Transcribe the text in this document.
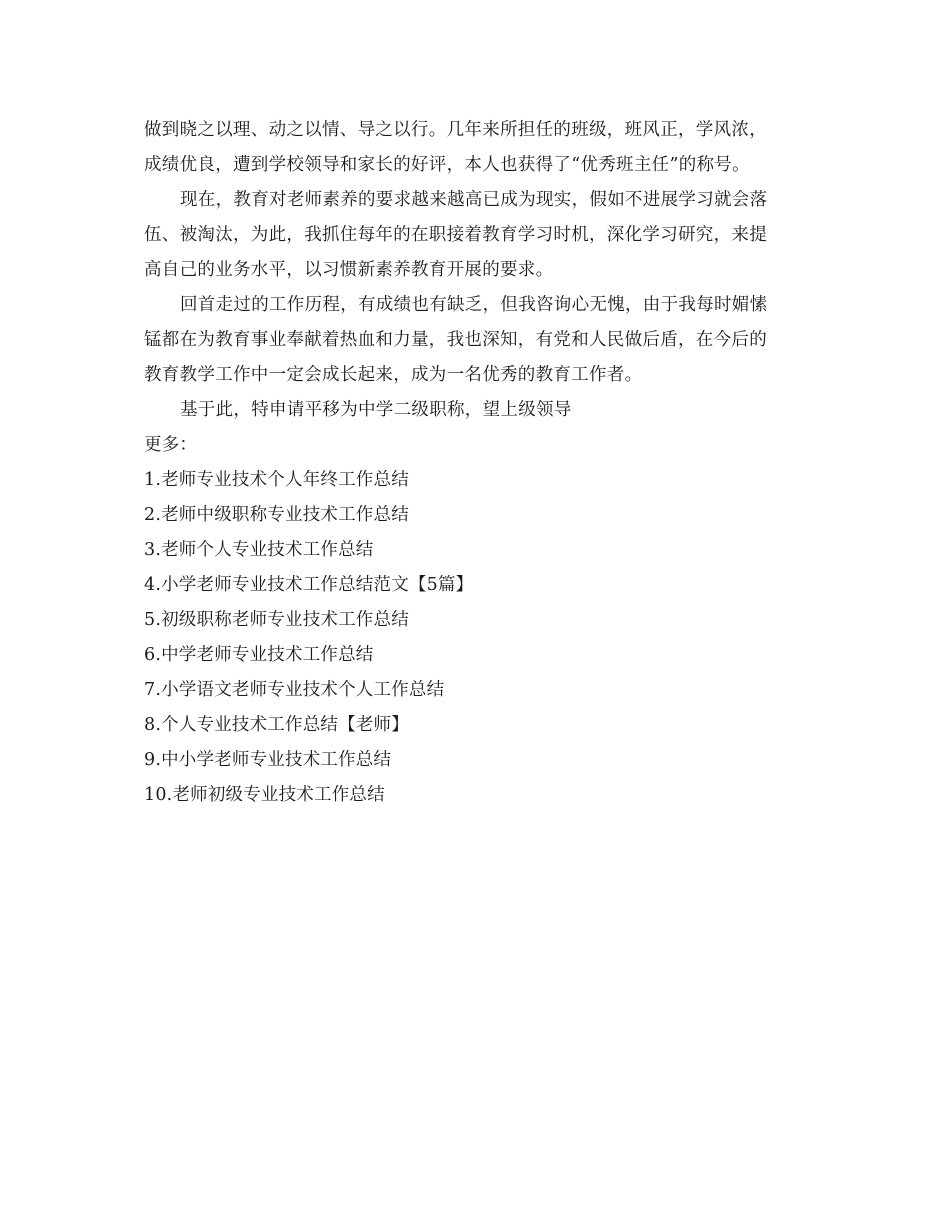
做到晓之以理、动之以情、导之以行。几年来所担任的班级，班风正，学风浓，
成绩优良，遭到学校领导和家长的好评，本人也获得了“优秀班主任”的称号。
现在，教育对老师素养的要求越来越高已成为现实，假如不进展学习就会落
伍、被淘汰，为此，我抓住每年的在职接着教育学习时机，深化学习研究，来提
高自己的业务水平，以习惯新素养教育开展的要求。
回首走过的工作历程，有成绩也有缺乏，但我咨询心无愧，由于我每时媚愫
锰都在为教育事业奉献着热血和力量，我也深知，有党和人民做后盾，在今后的
教育教学工作中一定会成长起来，成为一名优秀的教育工作者。
基于此，特申请平移为中学二级职称，望上级领导
更多：
1.老师专业技术个人年终工作总结
2.老师中级职称专业技术工作总结
3.老师个人专业技术工作总结
4.小学老师专业技术工作总结范文【5篇】
5.初级职称老师专业技术工作总结
6.中学老师专业技术工作总结
7.小学语文老师专业技术个人工作总结
8.个人专业技术工作总结【老师】
9.中小学老师专业技术工作总结
10.老师初级专业技术工作总结
